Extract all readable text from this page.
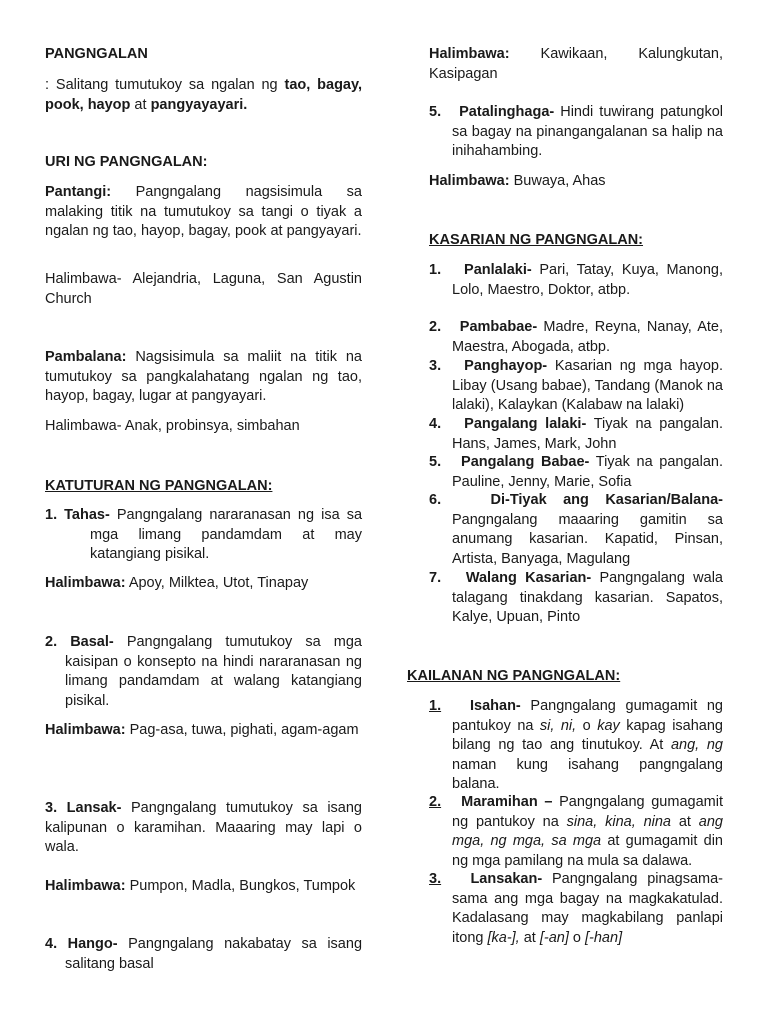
PANGNGALAN
: Salitang tumutukoy sa ngalan ng tao, bagay, pook, hayop at pangyayayari.
URI NG PANGNGALAN:
Pantangi: Pangngalang nagsisimula sa malaking titik na tumutukoy sa tangi o tiyak a ngalan ng tao, hayop, bagay, pook at pangyayari.
Halimbawa- Alejandria, Laguna, San Agustin Church
Pambalana: Nagsisimula sa maliit na titik na tumutukoy sa pangkalahatang ngalan ng tao, hayop, bagay, lugar at pangyayari.
Halimbawa- Anak, probinsya, simbahan
KATUTURAN NG PANGNGALAN:
1. Tahas- Pangngalang nararanasan ng isa sa mga limang pandamdam at may katangiang pisikal.
Halimbawa: Apoy, Milktea, Utot, Tinapay
2. Basal- Pangngalang tumutukoy sa mga kaisipan o konsepto na hindi nararanasan ng limang pandamdam at walang katangiang pisikal.
Halimbawa: Pag-asa, tuwa, pighati, agam-agam
3. Lansak- Pangngalang tumutukoy sa isang kalipunan o karamihan. Maaaring may lapi o wala.
Halimbawa: Pumpon, Madla, Bungkos, Tumpok
4. Hango- Pangngalang nakabatay sa isang salitang basal
Halimbawa: Kawikaan, Kalungkutan, Kasipagan
5. Patalinghaga- Hindi tuwirang patungkol sa bagay na pinangangalanan sa halip na inihahambing.
Halimbawa: Buwaya, Ahas
KASARIAN NG PANGNGALAN:
1. Panlalaki- Pari, Tatay, Kuya, Manong, Lolo, Maestro, Doktor, atbp.
2. Pambabae- Madre, Reyna, Nanay, Ate, Maestra, Abogada, atbp.
3. Panghayop- Kasarian ng mga hayop. Libay (Usang babae), Tandang (Manok na lalaki), Kalaykan (Kalabaw na lalaki)
4. Pangalang lalaki- Tiyak na pangalan. Hans, James, Mark, John
5. Pangalang Babae- Tiyak na pangalan. Pauline, Jenny, Marie, Sofia
6.	Di-Tiyak ang Kasarian/Balana- Pangngalang maaaring gamitin sa anumang kasarian. Kapatid, Pinsan, Artista, Banyaga, Magulang
7. Walang Kasarian- Pangngalang wala talagang tinakdang kasarian. Sapatos, Kalye, Upuan, Pinto
KAILANAN NG PANGNGALAN:
1. Isahan- Pangngalang gumagamit ng pantukoy na si, ni, o kay kapag isahang bilang ng tao ang tinutukoy. At ang, ng naman kung isahang pangngalang balana.
2. Maramihan – Pangngalang gumagamit ng pantukoy na sina, kina, nina at ang mga, ng mga, sa mga at gumagamit din ng mga pamilang na mula sa dalawa.
3. Lansakan- Pangngalang pinagsama-sama ang mga bagay na magkakatulad. Kadalasang may magkabilang panlapi itong [ka-], at [-an] o [-han]
